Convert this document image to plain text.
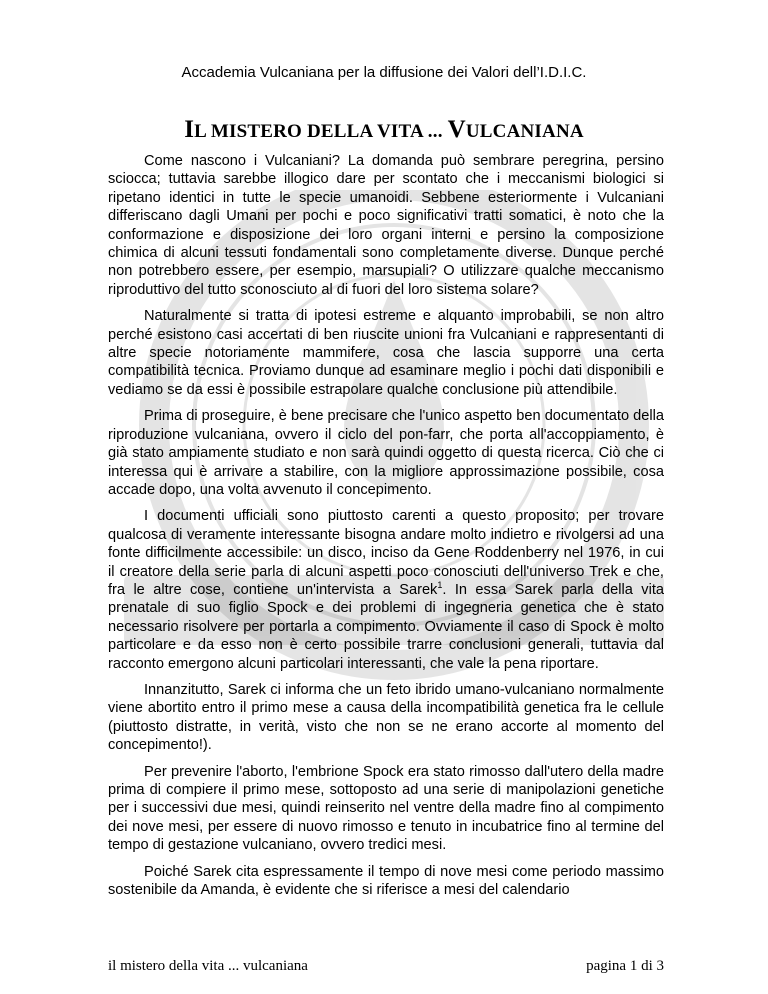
Accademia Vulcaniana per la diffusione dei Valori dell’I.D.I.C.
IL MISTERO DELLA VITA ... VULCANIANA

Come nascono i Vulcaniani? La domanda può sembrare peregrina, persino sciocca; tuttavia sarebbe illogico dare per scontato che i meccanismi biologici si ripetano identici in tutte le specie umanoidi. Sebbene esteriormente i Vulcaniani differiscano dagli Umani per pochi e poco significativi tratti somatici, è noto che la conformazione e disposizione dei loro organi interni e persino la composizione chimica di alcuni tessuti fondamentali sono completamente diverse. Dunque perché non potrebbero essere, per esempio, marsupiali? O utilizzare qualche meccanismo riproduttivo del tutto sconosciuto al di fuori del loro sistema solare?

Naturalmente si tratta di ipotesi estreme e alquanto improbabili, se non altro perché esistono casi accertati di ben riuscite unioni fra Vulcaniani e rappresentanti di altre specie notoriamente mammifere, cosa che lascia supporre una certa compatibilità tecnica. Proviamo dunque ad esaminare meglio i pochi dati disponibili e vediamo se da essi è possibile estrapolare qualche conclusione più attendibile.

Prima di proseguire, è bene precisare che l'unico aspetto ben documentato della riproduzione vulcaniana, ovvero il ciclo del pon-farr, che porta all'accoppiamento, è già stato ampiamente studiato e non sarà quindi oggetto di questa ricerca. Ciò che ci interessa qui è arrivare a stabilire, con la migliore approssimazione possibile, cosa accade dopo, una volta avvenuto il concepimento.

I documenti ufficiali sono piuttosto carenti a questo proposito; per trovare qualcosa di veramente interessante bisogna andare molto indietro e rivolgersi ad una fonte difficilmente accessibile: un disco, inciso da Gene Roddenberry nel 1976, in cui il creatore della serie parla di alcuni aspetti poco conosciuti dell'universo Trek e che, fra le altre cose, contiene un'intervista a Sarek$^1$. In essa Sarek parla della vita prenatale di suo figlio Spock e dei problemi di ingegneria genetica che è stato necessario risolvere per portarla a compimento. Ovviamente il caso di Spock è molto particolare e da esso non è certo possibile trarre conclusioni generali, tuttavia dal racconto emergono alcuni particolari interessanti, che vale la pena riportare.

Innanzitutto, Sarek ci informa che un feto ibrido umano-vulcaniano normalmente viene abortito entro il primo mese a causa della incompatibilità genetica fra le cellule (piuttosto distratte, in verità, visto che non se ne erano accorte al momento del concepimento!).

Per prevenire l'aborto, l'embrione Spock era stato rimosso dall'utero della madre prima di compiere il primo mese, sottoposto ad una serie di manipolazioni genetiche per i successivi due mesi, quindi reinserito nel ventre della madre fino al compimento dei nove mesi, per essere di nuovo rimosso e tenuto in incubatrice fino al termine del tempo di gestazione vulcaniano, ovvero tredici mesi.

Poiché Sarek cita espressamente il tempo di nove mesi come periodo massimo sostenibile da Amanda, è evidente che si riferisce a mesi del calendario

il mistero della vita ... vulcaniana	pagina 1 di 3
